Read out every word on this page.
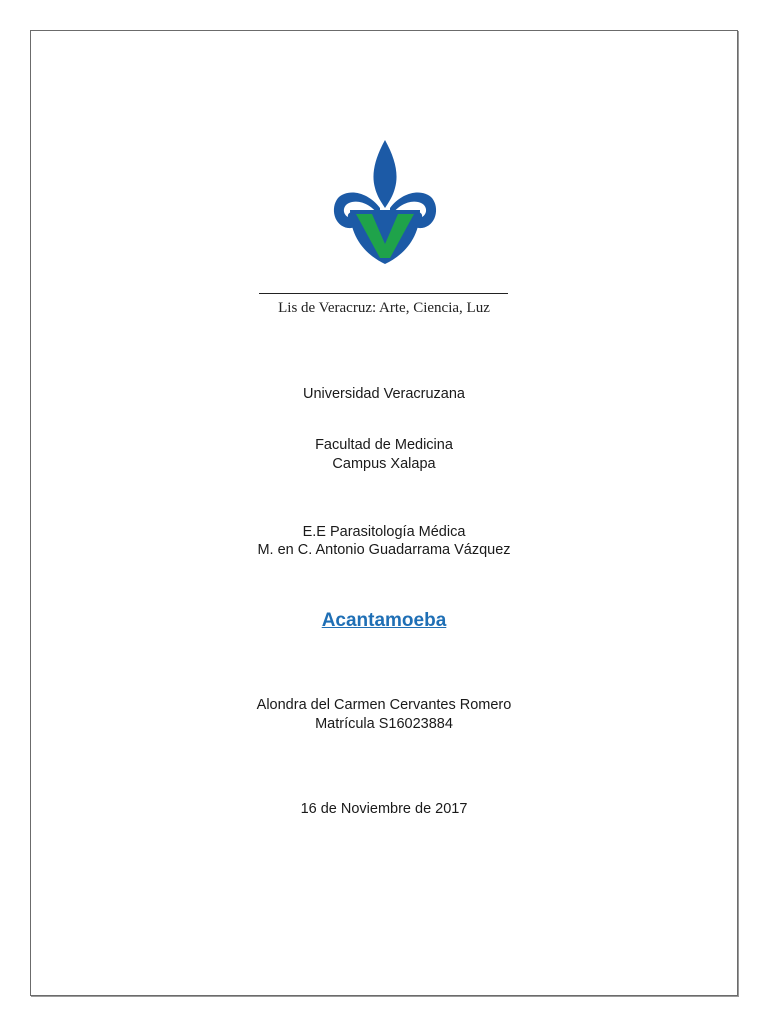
Lis de Veracruz: Arte, Ciencia, Luz
Universidad Veracruzana
Facultad de Medicina
Campus Xalapa
E.E Parasitología Médica
M. en C. Antonio Guadarrama Vázquez
Acantamoeba
Alondra del Carmen Cervantes Romero
Matrícula S16023884
16 de Noviembre de 2017
